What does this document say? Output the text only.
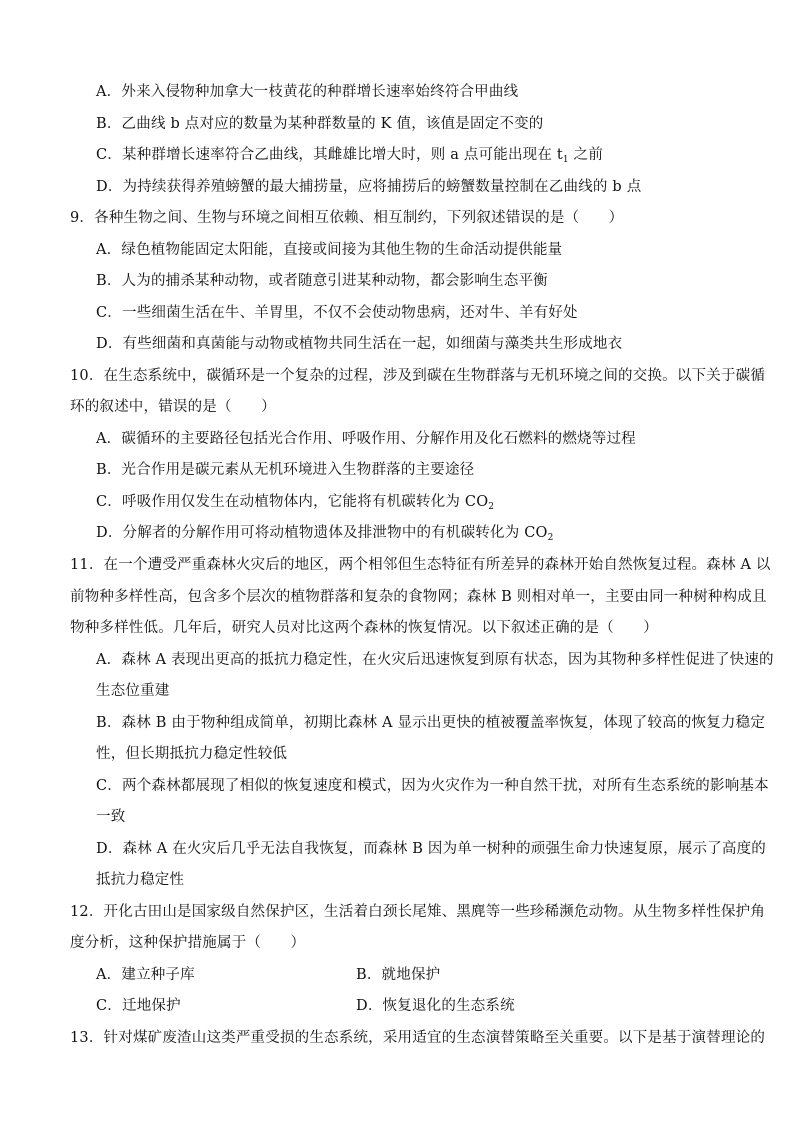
A．外来入侵物种加拿大一枝黄花的种群增长速率始终符合甲曲线
B．乙曲线 b 点对应的数量为某种群数量的 K 值，该值是固定不变的
C．某种群增长速率符合乙曲线，其雌雄比增大时，则 a 点可能出现在 $t_1$ 之前
D．为持续获得养殖螃蟹的最大捕捞量，应将捕捞后的螃蟹数量控制在乙曲线的 b 点
9．各种生物之间、生物与环境之间相互依赖、相互制约，下列叙述错误的是（　　）
A．绿色植物能固定太阳能，直接或间接为其他生物的生命活动提供能量
B．人为的捕杀某种动物，或者随意引进某种动物，都会影响生态平衡
C．一些细菌生活在牛、羊胃里，不仅不会使动物患病，还对牛、羊有好处
D．有些细菌和真菌能与动物或植物共同生活在一起，如细菌与藻类共生形成地衣
10．在生态系统中，碳循环是一个复杂的过程，涉及到碳在生物群落与无机环境之间的交换。以下关于碳循
环的叙述中，错误的是（　　）
A．碳循环的主要路径包括光合作用、呼吸作用、分解作用及化石燃料的燃烧等过程
B．光合作用是碳元素从无机环境进入生物群落的主要途径
C．呼吸作用仅发生在动植物体内，它能将有机碳转化为 $CO_2$
D．分解者的分解作用可将动植物遗体及排泄物中的有机碳转化为 $CO_2$
11．在一个遭受严重森林火灾后的地区，两个相邻但生态特征有所差异的森林开始自然恢复过程。森林 A 以
前物种多样性高，包含多个层次的植物群落和复杂的食物网；森林 B 则相对单一，主要由同一种树种构成且
物种多样性低。几年后，研究人员对比这两个森林的恢复情况。以下叙述正确的是（　　）
A．森林 A 表现出更高的抵抗力稳定性，在火灾后迅速恢复到原有状态，因为其物种多样性促进了快速的
生态位重建
B．森林 B 由于物种组成简单，初期比森林 A 显示出更快的植被覆盖率恢复，体现了较高的恢复力稳定
性，但长期抵抗力稳定性较低
C．两个森林都展现了相似的恢复速度和模式，因为火灾作为一种自然干扰，对所有生态系统的影响基本
一致
D．森林 A 在火灾后几乎无法自我恢复，而森林 B 因为单一树种的顽强生命力快速复原，展示了高度的
抵抗力稳定性
12．开化古田山是国家级自然保护区，生活着白颈长尾雉、黑麂等一些珍稀濒危动物。从生物多样性保护角
度分析，这种保护措施属于（　　）
A．建立种子库	B．就地保护
C．迁地保护	D．恢复退化的生态系统
13．针对煤矿废渣山这类严重受损的生态系统，采用适宜的生态演替策略至关重要。以下是基于演替理论的
